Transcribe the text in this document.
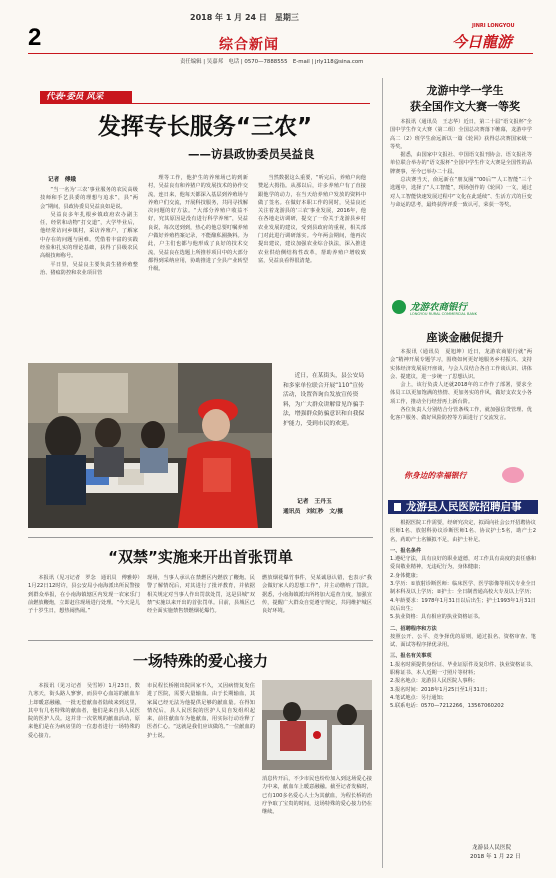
2018 年 1 月 24 日　星期三
2	综合新闻
JINRI LONGYOU
今日龍游
责任编辑 | 吴嘉邦　电话 | 0570—7888555　E-mail | jrly118@sina.com
代表·委员 风采
发挥专长服务“三农”
——访县政协委员吴益良
记者　傅娥

“当一名为‘三农’事业服务的农民高级技师和手艺县委的理想与追求”，县“两会”期间，县政协委员吴益良如是说。

吴益良多年扎根乡镇政府农办副主任，经常和动物“打交道”，大学毕业后，他经常访问乡镇村，采访养殖户，了解家中存在的问题与困难。凭借着丰富的实践经验和扎实的理论基础，获得了县级农民高级技师称号。

平日里，吴益良主要负责生猪养殖整治、猪瘟防控和农业项目管

理等工作，他护生的养殖场已的到新村，吴益良有和养猪户的发展技术的协作交流，连日来，他每天都深入基层到养殖场与养殖户们交流，开展科技服务，共同寻找解决问题的好方法。“大部分养殖户收益不好，究其原因是没有进行科学养殖”，吴益良说，每次送到到，热心的他总要叮嘱养殖户做好养殖档案记录，不能酿私圈换料。为此，户主们也都与他形成了良好的技术交流，吴益良在选题上所推荐项目中的大部分都得到采纳应用，协助推进了全县产业转型升级。

当然数据这么重要，“听完后，养殖户向他赞起大拇指。从那以后，许多养殖户有了直接跟他学的动力，在当天给养殖户发放的资料中做了签名。在做好本职工作的同时，吴益良还关注着龙游县的‘三农’事业发展，2016年，他在各地走访调研，提交了一份关于龙游县乡村农业发展的建议，受到县政府的重视，相关部门对此进行调研落实。今年两会期间，他再次提出建议，建议加强农业综合执法，深入推进农业供给侧结构性改革，帮助养殖户增收致富，吴益良看得很清楚。

近日，在某街头，县公安局和多家单位联合开展“110”宣传活动，设置咨询台发放宣传资料，为广大群众讲解常见诈骗手法，增强群众防骗意识和自我保护能力，受到市民的欢迎。

记者　王丹玉
通讯员　刘红秒　文/摄
“双禁”实施来开出首张罚单

本报讯（见习记者　罗念　通讯员　傅雅婷）1月22日12时许，县公安局小南海派出所民警接到群众举报，在小南海镇辖区内发现一农家乐门前燃放鞭炮，立即赶往现场进行处理。“今天是儿子十岁生日，想热闹热闹。”

现场，当事人承认在禁燃区内燃放了鞭炮。民警了解情况后，对其进行了批评教育，并依据相关规定对当事人作出罚款处罚，这是县城“双禁”实施以来开出的首张罚单。目前，县城区已经全面实施禁售禁燃烟花爆竹。

燃放烟花爆竹事件，吴某诚恳认错，也表示“我会做好家人的思想工作”，并主动缴纳了罚款。据悉，小南海镇派出所将加大巡查力度，加强宣传，提醒广大群众自觉遵守规定，共同维护城区良好环境。

一场特殊的爱心接力

本报讯（见习记者　吴雪婷）1月23日，数九寒天，街头路人寥寥，而县中心血站的献血车上却暖意融融，一批无偿献血者陆续来到这里，其中有几名特殊的献血者，他们是来自县人民医院的医护人员。这并非一次常规的献血活动，原来他们是在为病房里的一位患者进行一场特殊的爱心接力。

市民程长桥刚出院回家不久，又因病情复发住进了医院，需要大量输血。由于长期输血，其家属已经无法为他提供足够的献血量。在得知情况后，县人民医院的医护人员自发组织起来，前往献血车为他献血，用实际行动诠释了医者仁心。“这就是我们应该做的。”一位献血的护士说。

消息传开后，不少市民也纷纷加入到这场爱心接力中来，献血车上暖意融融。截至记者发稿时，已有100多名爱心人士为其献血，为程长桥的治疗争取了宝贵的时间，这场特殊的爱心接力仍在继续。

龙游中学一学生
获全国作文大赛一等奖

本报讯（通讯员　王志华）近日，第二十届“语文报杯”全国中学生作文大赛（第二组）全国总决赛落下帷幕，龙游中学高二（2）班学生俞远新以一篇《轮回》获得总决赛国家级一等奖。

据悉，由国家中文报社、中国语文报刊协会、语文报社等单位联合举办的“语文报杯”全国中学生作文大赛是全国性的品牌赛事，至今已举办二十届。

总决赛当天，俞远新在“朋友圈”“00后”“人工智能”三个选题中，选择了“人工智能”，现场创作的《轮回》一文，通过对人工智能快速发展过程中“文化在此延续”、生活方式的巨变与命运的思考，最终获得评委一致认可，荣获一等奖。

龙游农商银行
LONGYOU RURAL COMMERCIAL BANK
座谈金融促提升

本报讯（通讯员　夏旭坤）近日，龙游农商银行就“两会”精神开展专题学习，围绕如何更好地服务乡村振兴、支持实体经济发展展开座谈，与会人员结合各自工作谈认识、讲体会、提建议，进一步统一了思想认识。

会上，该行负责人还就2018年的工作作了部署，要求全体员工以更加饱满的热情、更加务实的作风，做好支农支小各项工作，推动全行经营再上新台阶。

各位负责人分别结合分管条线工作，就加强信贷管理、优化客户服务、做好风险防控等方面进行了交流发言。

你身边的幸福银行
龙游县人民医院招聘启事

根据医院工作需要，经研究决定，拟面向社会公开招聘协议医师1名、放射科协议诊断医师1名、协议护士5名，助产士2名，药助产士名额拟不足，由护士补足。

一、报名条件

1.遵纪守法，具有良好的职业道德，对工作具有高度的责任感和爱岗敬业精神，无违纪行为，身体健康；

2.身体健康；

3.学历：①放射诊断医师：临床医学、医学影像等相关专业全日制本科及以上学历；②护士：全日制普通高校大专及以上学历；

4.年龄要求：1978年1月31日以后出生；护士1993年1月31日以后出生；

5.执业资格：具有相应的执业资格证书。

二、招聘程序和方法

按照公开、公平、竞争择优的原则，通过报名、资格审查、笔试、面试等程序择优录用。

三、报名有关事项

1.报名时须提供身份证、毕业证原件及复印件、执业资格证书、职称证书、本人近期一寸照片等材料；

2.报名地点：龙游县人民医院人事科；

3.报名时间：2018年1月25日至1月31日；

4.笔试地点：另行通知；

5.联系电话：0570—7212266，13567060202

龙游县人民医院
2018 年 1 月 22 日
